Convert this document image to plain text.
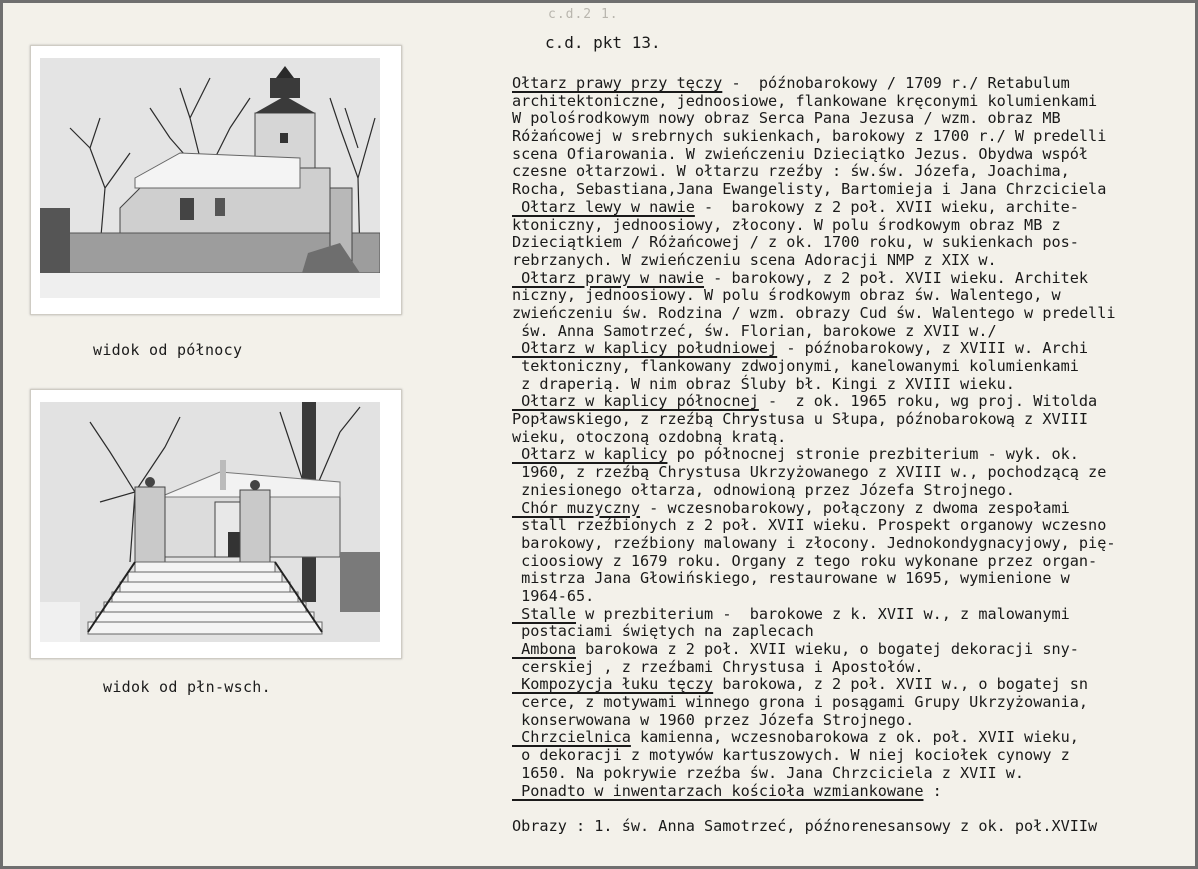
c.d.2 1.
widok od północy
widok od płn-wsch.
c.d. pkt 13.
Ołtarz prawy przy tęczy -  późnobarokowy / 1709 r./ Retabulum
architektoniczne, jednoosiowe, flankowane kręconymi kolumienkami
W polośrodkowym nowy obraz Serca Pana Jezusa / wzm. obraz MB
Różańcowej w srebrnych sukienkach, barokowy z 1700 r./ W predelli
scena Ofiarowania. W zwieńczeniu Dzieciątko Jezus. Obydwa współ
czesne ołtarzowi. W ołtarzu rzeźby : św.św. Józefa, Joachima,
Rocha, Sebastiana,Jana Ewangelisty, Bartomieja i Jana Chrzciciela
Ołtarz lewy w nawie -  barokowy z 2 poł. XVII wieku, archite-
ktoniczny, jednoosiowy, złocony. W polu środkowym obraz MB z
Dzieciątkiem / Różańcowej / z ok. 1700 roku, w sukienkach pos-
rebrzanych. W zwieńczeniu scena Adoracji NMP z XIX w.
Ołtarz prawy w nawie - barokowy, z 2 poł. XVII wieku. Architek
niczny, jednoosiowy. W polu środkowym obraz św. Walentego, w
zwieńczeniu św. Rodzina / wzm. obrazy Cud św. Walentego w predelli
św. Anna Samotrzeć, św. Florian, barokowe z XVII w./
Ołtarz w kaplicy południowej - późnobarokowy, z XVIII w. Archi
tektoniczny, flankowany zdwojonymi, kanelowanymi kolumienkami
z draperią. W nim obraz Śluby bł. Kingi z XVIII wieku.
Ołtarz w kaplicy północnej -  z ok. 1965 roku, wg proj. Witolda
Popławskiego, z rzeźbą Chrystusa u Słupa, późnobarokową z XVIII
wieku, otoczoną ozdobną kratą.
Ołtarz w kaplicy po północnej stronie prezbiterium - wyk. ok.
1960, z rzeźbą Chrystusa Ukrzyżowanego z XVIII w., pochodzącą ze
zniesionego ołtarza, odnowioną przez Józefa Strojnego.
Chór muzyczny - wczesnobarokowy, połączony z dwoma zespołami
stall rzeźbionych z 2 poł. XVII wieku. Prospekt organowy wczesno
barokowy, rzeźbiony malowany i złocony. Jednokondygnacyjowy, pię-
cioosiowy z 1679 roku. Organy z tego roku wykonane przez organ-
mistrza Jana Głowińskiego, restaurowane w 1695, wymienione w
1964-65.
Stalle w prezbiterium -  barokowe z k. XVII w., z malowanymi
postaciami świętych na zaplecach
Ambona barokowa z 2 poł. XVII wieku, o bogatej dekoracji sny-
cerskiej , z rzeźbami Chrystusa i Apostołów.
Kompozycja łuku tęczy barokowa, z 2 poł. XVII w., o bogatej sn
cerce, z motywami winnego grona i posągami Grupy Ukrzyżowania,
konserwowana w 1960 przez Józefa Strojnego.
Chrzcielnica kamienna, wczesnobarokowa z ok. poł. XVII wieku,
o dekoracji z motywów kartuszowych. W niej kociołek cynowy z
1650. Na pokrywie rzeźba św. Jana Chrzciciela z XVII w.
Ponadto w inwentarzach kościoła wzmiankowane :
Obrazy : 1. św. Anna Samotrzeć, późnorenesansowy z ok. poł.XVIIw
